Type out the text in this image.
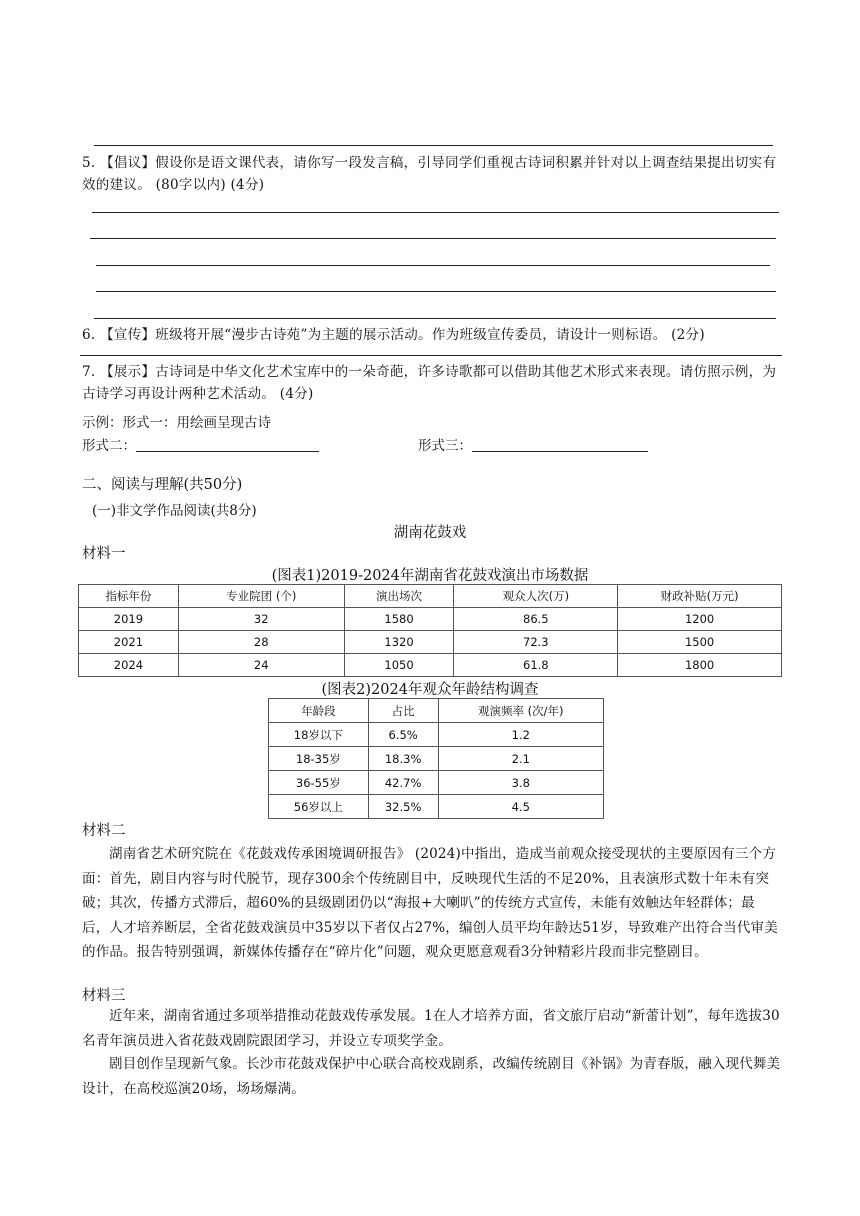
5. 【倡议】假设你是语文课代表，请你写一段发言稿，引导同学们重视古诗词积累并针对以上调查结果提出切实有效的建议。 (80字以内) (4分)
6. 【宣传】班级将开展“漫步古诗苑”为主题的展示活动。作为班级宣传委员，请设计一则标语。 (2分)
7. 【展示】古诗词是中华文化艺术宝库中的一朵奇葩，许多诗歌都可以借助其他艺术形式来表现。请仿照示例，为古诗学习再设计两种艺术活动。 (4分)
示例：形式一：用绘画呈现古诗
形式二：	形式三：
二、阅读与理解(共50分)
(一)非文学作品阅读(共8分)
湖南花鼓戏
材料一
(图表1)2019-2024年湖南省花鼓戏演出市场数据
指标年份	专业院团 (个)	演出场次	观众人次(万)	财政补贴(万元)
2019	32	1580	86.5	1200
2021	28	1320	72.3	1500
2024	24	1050	61.8	1800
(图表2)2024年观众年龄结构调查
年龄段	占比	观演频率 (次/年)
18岁以下	6.5%	1.2
18-35岁	18.3%	2.1
36-55岁	42.7%	3.8
56岁以上	32.5%	4.5
材料二
湖南省艺术研究院在《花鼓戏传承困境调研报告》 (2024)中指出，造成当前观众接受现状的主要原因有三个方面：首先，剧目内容与时代脱节，现存300余个传统剧目中，反映现代生活的不足20%，且表演形式数十年未有突破；其次，传播方式滞后，超60%的县级剧团仍以“海报+大喇叭”的传统方式宣传，未能有效触达年轻群体；最后，人才培养断层，全省花鼓戏演员中35岁以下者仅占27%，编创人员平均年龄达51岁，导致难产出符合当代审美的作品。报告特别强调，新媒体传播存在“碎片化”问题，观众更愿意观看3分钟精彩片段而非完整剧目。
材料三
近年来，湖南省通过多项举措推动花鼓戏传承发展。1在人才培养方面，省文旅厅启动“新蕾计划”，每年选拔30名青年演员进入省花鼓戏剧院跟团学习，并设立专项奖学金。
剧目创作呈现新气象。长沙市花鼓戏保护中心联合高校戏剧系，改编传统剧目《补锅》为青春版，融入现代舞美设计，在高校巡演20场，场场爆满。
